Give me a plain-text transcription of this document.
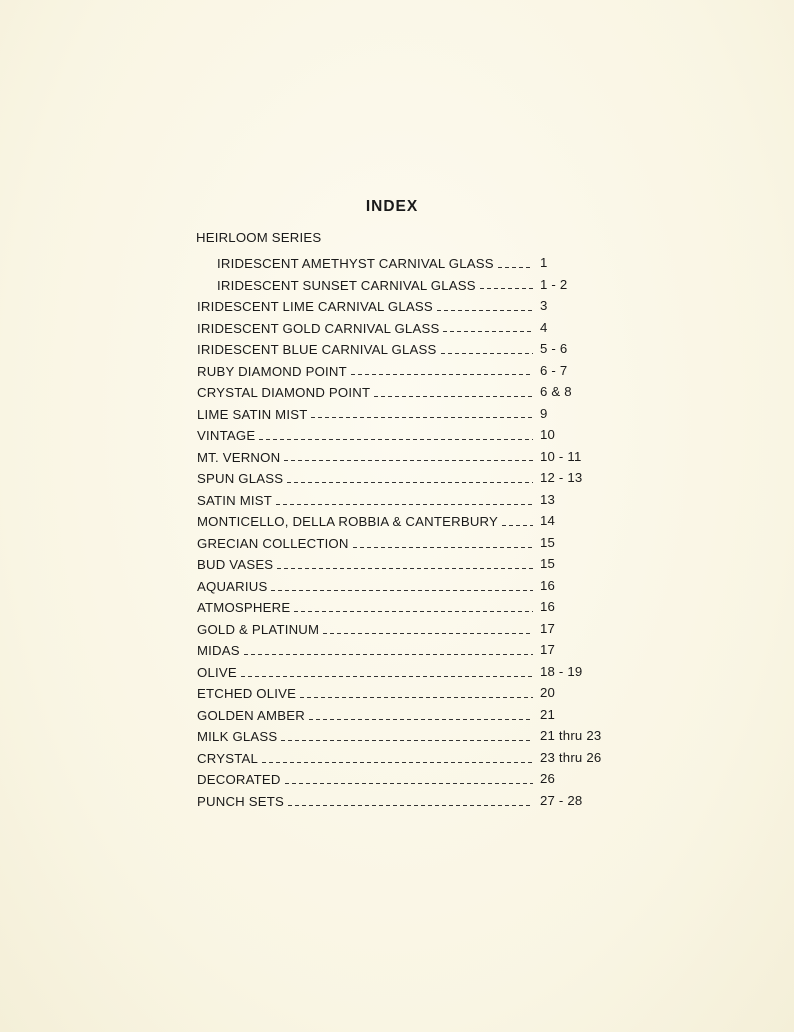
INDEX
HEIRLOOM SERIES
IRIDESCENT AMETHYST CARNIVAL GLASS	1
IRIDESCENT SUNSET CARNIVAL GLASS	1 - 2
IRIDESCENT LIME CARNIVAL GLASS	3
IRIDESCENT GOLD CARNIVAL GLASS	4
IRIDESCENT BLUE CARNIVAL GLASS	5 - 6
RUBY DIAMOND POINT	6 - 7
CRYSTAL DIAMOND POINT	6 & 8
LIME SATIN MIST	9
VINTAGE	10
MT. VERNON	10 - 11
SPUN GLASS	12 - 13
SATIN MIST	13
MONTICELLO, DELLA ROBBIA & CANTERBURY	14
GRECIAN COLLECTION	15
BUD VASES	15
AQUARIUS	16
ATMOSPHERE	16
GOLD & PLATINUM	17
MIDAS	17
OLIVE	18 - 19
ETCHED OLIVE	20
GOLDEN AMBER	21
MILK GLASS	21 thru 23
CRYSTAL	23 thru 26
DECORATED	26
PUNCH SETS	27 - 28
